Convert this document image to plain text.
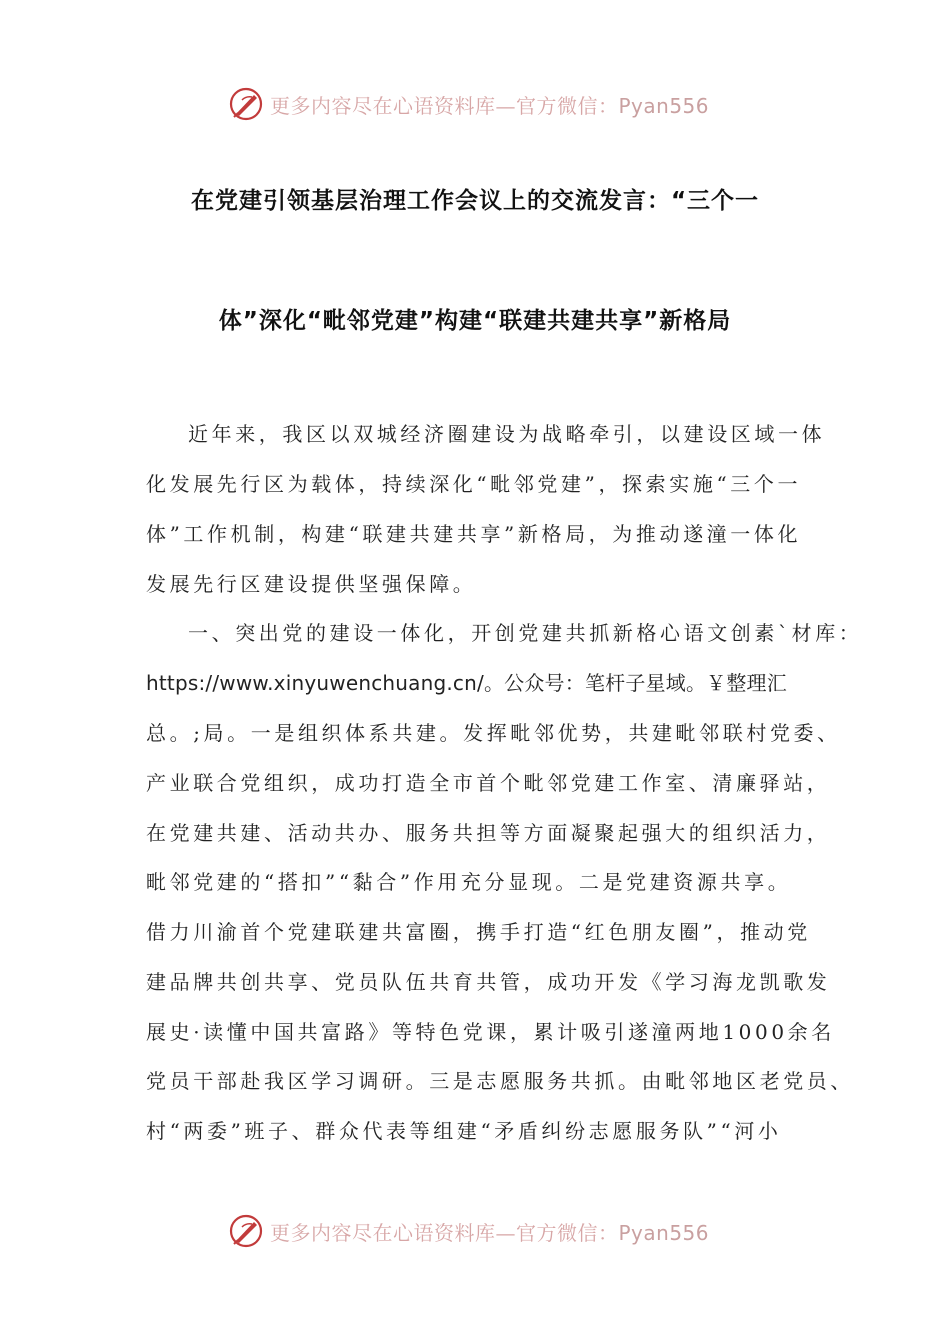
更多内容尽在心语资料库—官方微信：Pyan556
在党建引领基层治理工作会议上的交流发言：“三个一
体”深化“毗邻党建”构建“联建共建共享”新格局
近年来，我区以双城经济圈建设为战略牵引，以建设区域一体
化发展先行区为载体，持续深化“毗邻党建”，探索实施“三个一
体”工作机制，构建“联建共建共享”新格局，为推动遂潼一体化
发展先行区建设提供坚强保障。
一、突出党的建设一体化，开创党建共抓新格心语文创素`材库：
https://www.xinyuwenchuang.cn/。公众号：笔杆子星域。￥整理汇
总。;局。一是组织体系共建。发挥毗邻优势，共建毗邻联村党委、
产业联合党组织，成功打造全市首个毗邻党建工作室、清廉驿站，
在党建共建、活动共办、服务共担等方面凝聚起强大的组织活力，
毗邻党建的“搭扣”“黏合”作用充分显现。二是党建资源共享。
借力川渝首个党建联建共富圈，携手打造“红色朋友圈”，推动党
建品牌共创共享、党员队伍共育共管，成功开发《学习海龙凯歌发
展史·读懂中国共富路》等特色党课，累计吸引遂潼两地1000余名
党员干部赴我区学习调研。三是志愿服务共抓。由毗邻地区老党员、
村“两委”班子、群众代表等组建“矛盾纠纷志愿服务队”“河小
更多内容尽在心语资料库—官方微信：Pyan556
